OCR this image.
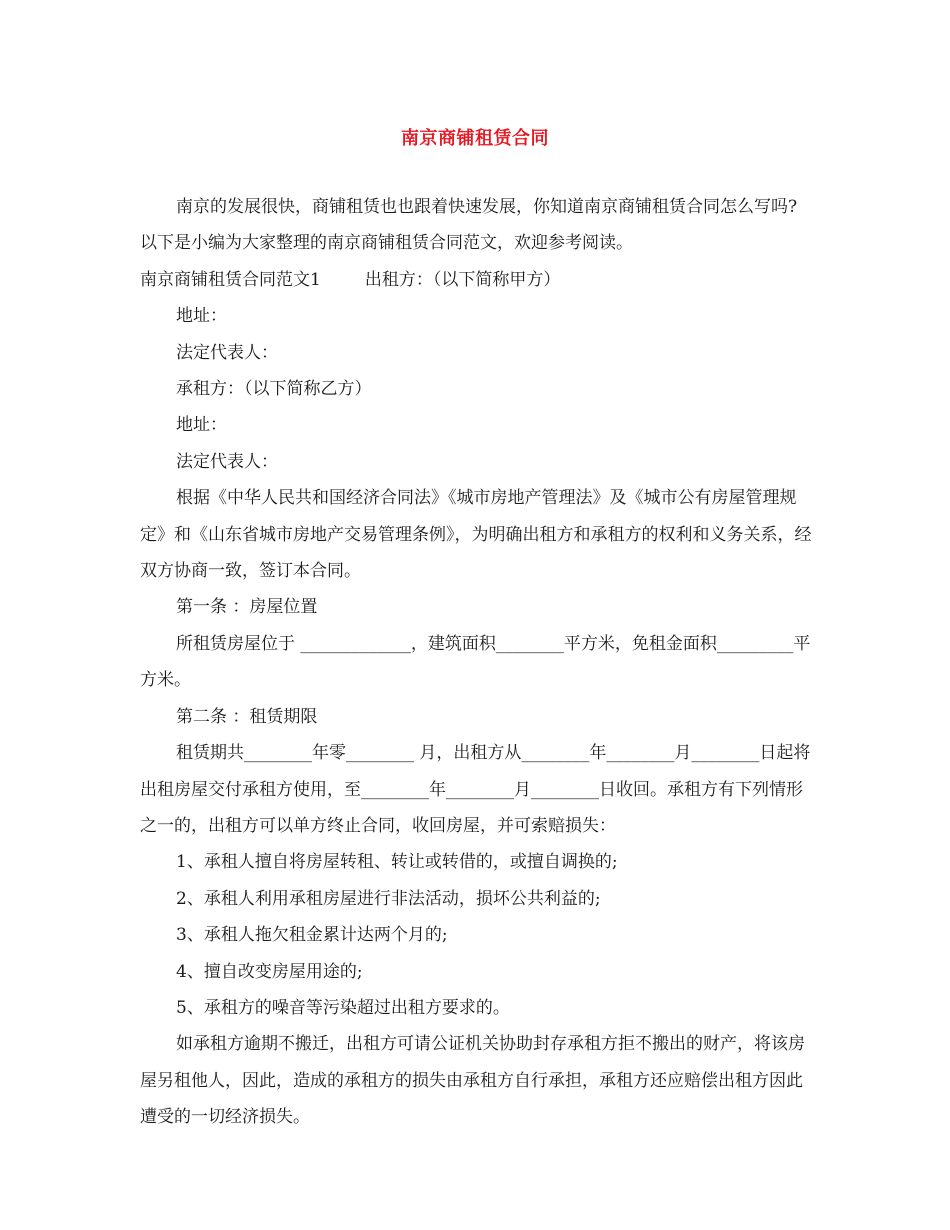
南京商铺租赁合同

南京的发展很快，商铺租赁也也跟着快速发展，你知道南京商铺租赁合同怎么写吗?以下是小编为大家整理的南京商铺租赁合同范文，欢迎参考阅读。

南京商铺租赁合同范文1	出租方：（以下简称甲方）

地址：

法定代表人：

承租方：（以下简称乙方）

地址：

法定代表人：

根据《中华人民共和国经济合同法》《城市房地产管理法》及《城市公有房屋管理规定》和《山东省城市房地产交易管理条例》，为明确出租方和承租方的权利和义务关系，经双方协商一致，签订本合同。

第一条 ：房屋位置

所租赁房屋位于 _____________，建筑面积________平方米，免租金面积_________平方米。

第二条 ：租赁期限

租赁期共________年零________ 月，出租方从________年________月________日起将出租房屋交付承租方使用，至________年________月________日收回。承租方有下列情形之一的，出租方可以单方终止合同，收回房屋，并可索赔损失：

1、承租人擅自将房屋转租、转让或转借的，或擅自调换的;

2、承租人利用承租房屋进行非法活动，损坏公共利益的;

3、承租人拖欠租金累计达两个月的;

4、擅自改变房屋用途的;

5、承租方的噪音等污染超过出租方要求的。

如承租方逾期不搬迁，出租方可请公证机关协助封存承租方拒不搬出的财产，将该房屋另租他人，因此，造成的承租方的损失由承租方自行承担，承租方还应赔偿出租方因此遭受的一切经济损失。
